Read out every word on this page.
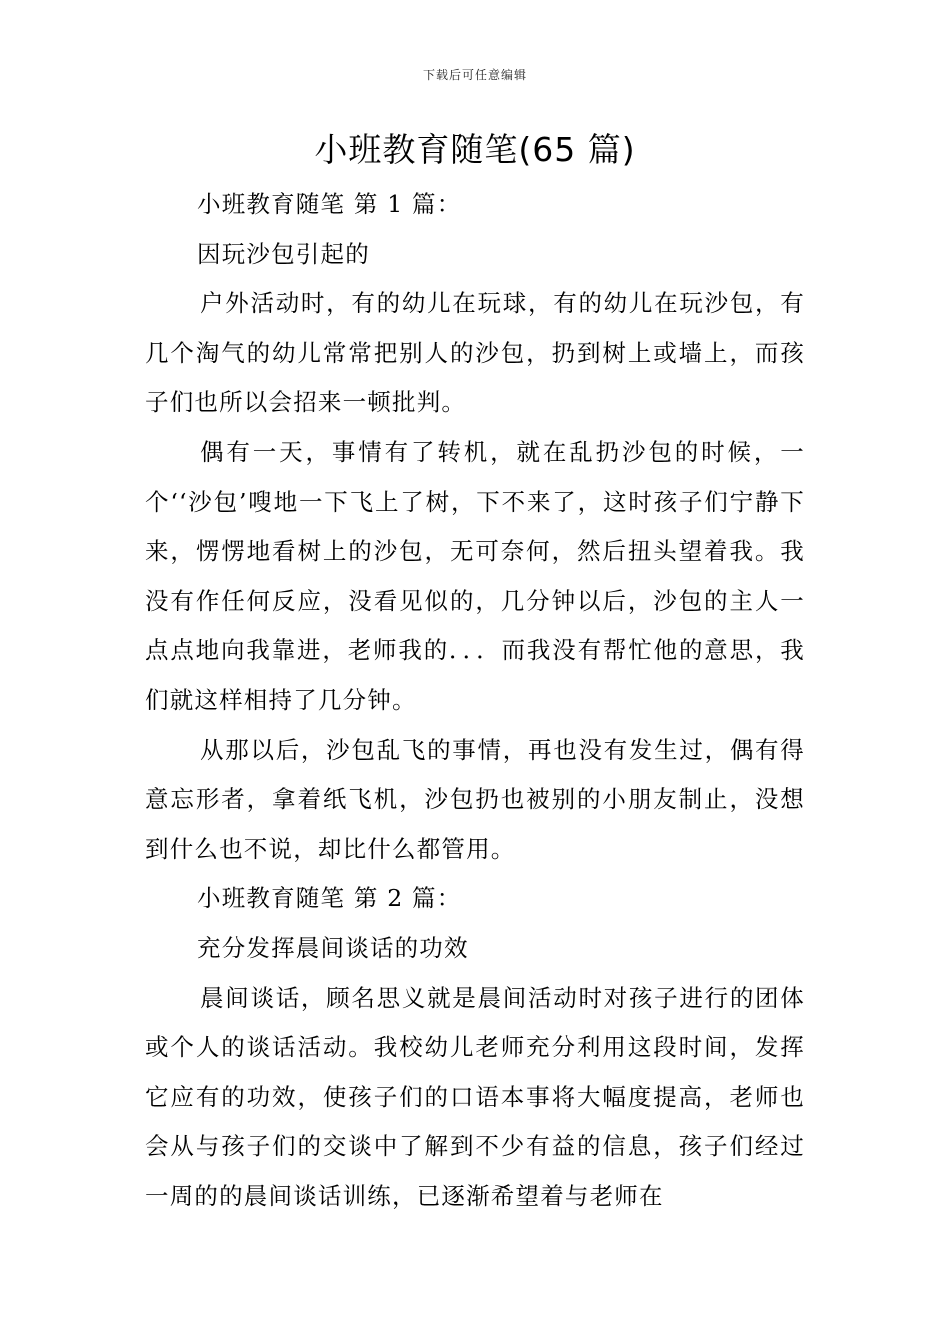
下载后可任意编辑
小班教育随笔(65 篇)

小班教育随笔 第 1 篇：

因玩沙包引起的

户外活动时，有的幼儿在玩球，有的幼儿在玩沙包，有几个淘气的幼儿常常把别人的沙包，扔到树上或墙上，而孩子们也所以会招来一顿批判。

偶有一天，事情有了转机，就在乱扔沙包的时候，一个‘‘沙包’嗖地一下飞上了树，下不来了，这时孩子们宁静下来，愣愣地看树上的沙包，无可奈何，然后扭头望着我。我没有作任何反应，没看见似的，几分钟以后，沙包的主人一点点地向我靠进，老师我的．．．而我没有帮忙他的意思，我们就这样相持了几分钟。

从那以后，沙包乱飞的事情，再也没有发生过，偶有得意忘形者，拿着纸飞机，沙包扔也被别的小朋友制止，没想到什么也不说，却比什么都管用。

小班教育随笔 第 2 篇：

充分发挥晨间谈话的功效

晨间谈话，顾名思义就是晨间活动时对孩子进行的团体或个人的谈话活动。我校幼儿老师充分利用这段时间，发挥它应有的功效，使孩子们的口语本事将大幅度提高，老师也会从与孩子们的交谈中了解到不少有益的信息，孩子们经过一周的的晨间谈话训练，已逐渐希望着与老师在
